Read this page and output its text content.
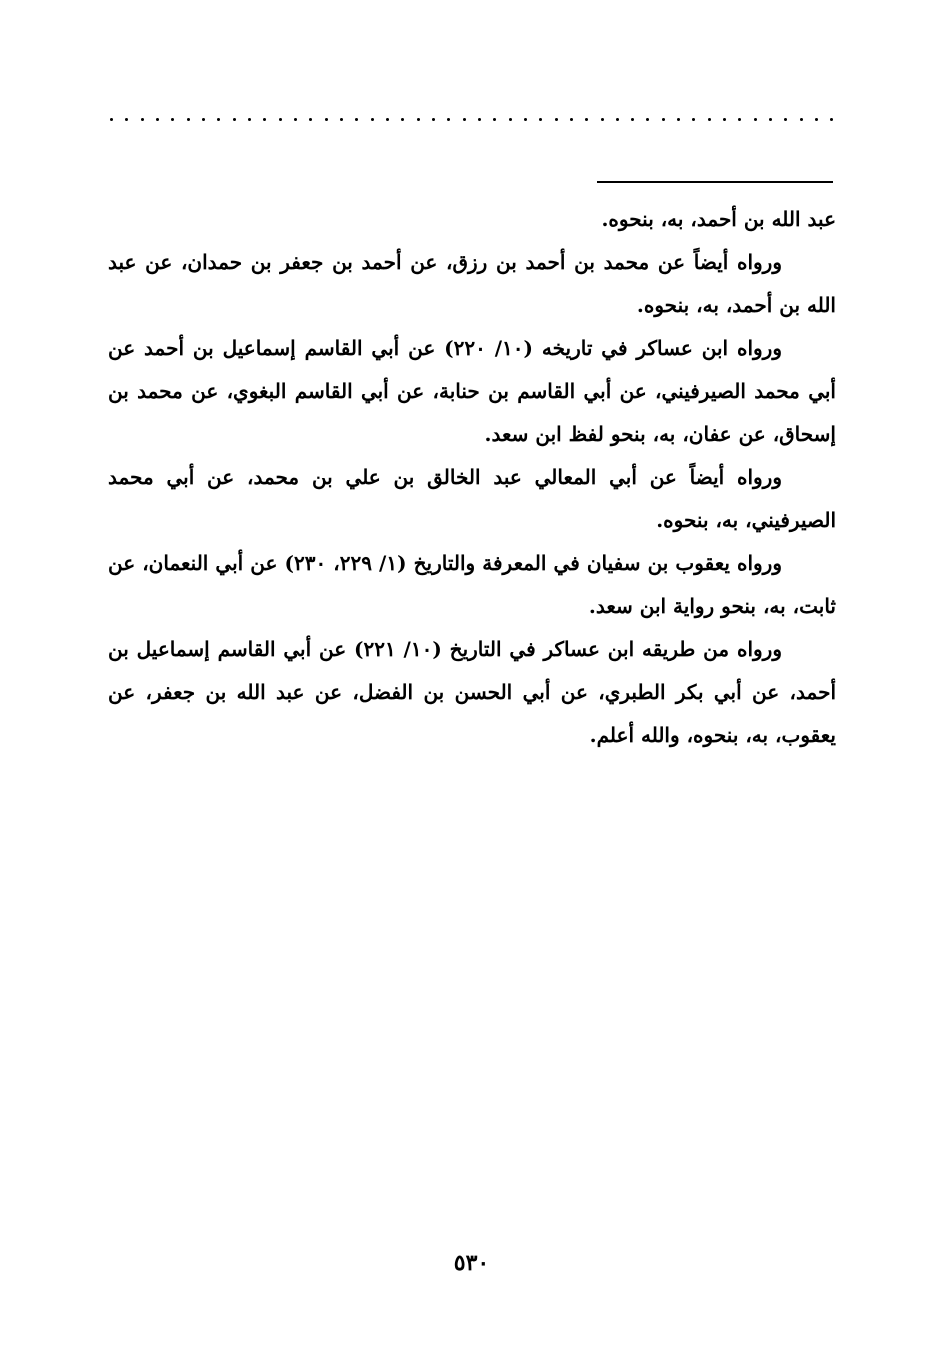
عبد الله بن أحمد، به، بنحوه.

ورواه أيضاً عن محمد بن أحمد بن رزق، عن أحمد بن جعفر بن حمدان، عن عبد الله بن أحمد، به، بنحوه.

ورواه ابن عساكر في تاريخه (١٠/ ٢٢٠) عن أبي القاسم إسماعيل بن أحمد عن أبي محمد الصيرفيني، عن أبي القاسم بن حنابة، عن أبي القاسم البغوي، عن محمد بن إسحاق، عن عفان، به، بنحو لفظ ابن سعد.

ورواه أيضاً عن أبي المعالي عبد الخالق بن علي بن محمد، عن أبي محمد الصيرفيني، به، بنحوه.

ورواه يعقوب بن سفيان في المعرفة والتاريخ (١/ ٢٢٩، ٢٣٠) عن أبي النعمان، عن ثابت، به، بنحو رواية ابن سعد.

ورواه من طريقه ابن عساكر في التاريخ (١٠/ ٢٢١) عن أبي القاسم إسماعيل بن أحمد، عن أبي بكر الطبري، عن أبي الحسن بن الفضل، عن عبد الله بن جعفر، عن يعقوب، به، بنحوه، والله أعلم.

٥٣٠
